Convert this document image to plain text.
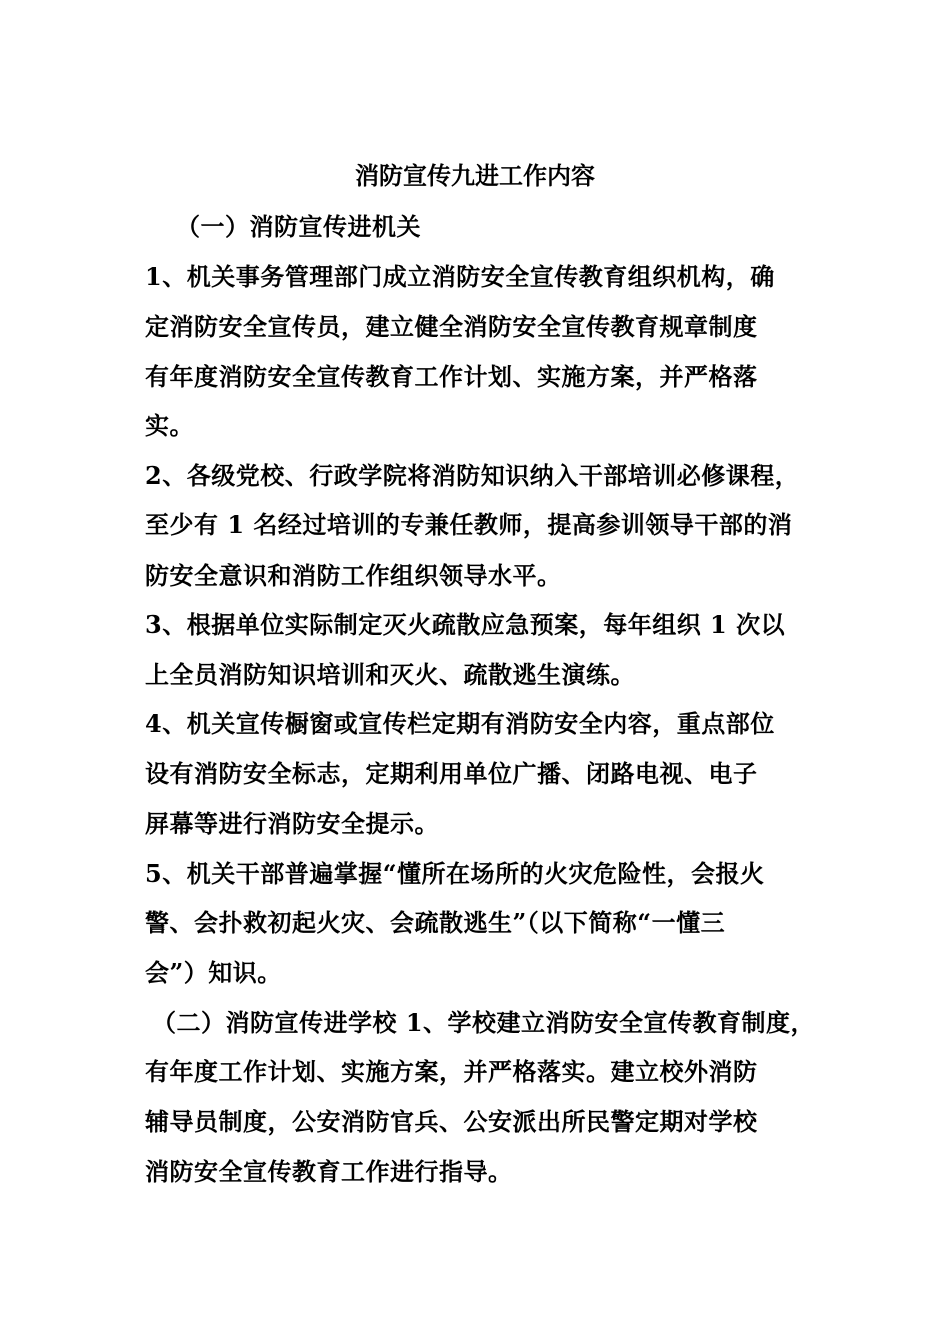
消防宣传九进工作内容
（一）消防宣传进机关
1、机关事务管理部门成立消防安全宣传教育组织机构，确
定消防安全宣传员，建立健全消防安全宣传教育规章制度
有年度消防安全宣传教育工作计划、实施方案，并严格落
实。
2、各级党校、行政学院将消防知识纳入干部培训必修课程，
至少有 1 名经过培训的专兼任教师，提高参训领导干部的消
防安全意识和消防工作组织领导水平。
3、根据单位实际制定灭火疏散应急预案，每年组织 1 次以
上全员消防知识培训和灭火、疏散逃生演练。
4、机关宣传橱窗或宣传栏定期有消防安全内容，重点部位
设有消防安全标志，定期利用单位广播、闭路电视、电子
屏幕等进行消防安全提示。
5、机关干部普遍掌握“懂所在场所的火灾危险性，会报火
警、会扑救初起火灾、会疏散逃生”（以下简称“一懂三
会”）知识。
（二）消防宣传进学校 1、学校建立消防安全宣传教育制度，
有年度工作计划、实施方案，并严格落实。建立校外消防
辅导员制度，公安消防官兵、公安派出所民警定期对学校
消防安全宣传教育工作进行指导。
